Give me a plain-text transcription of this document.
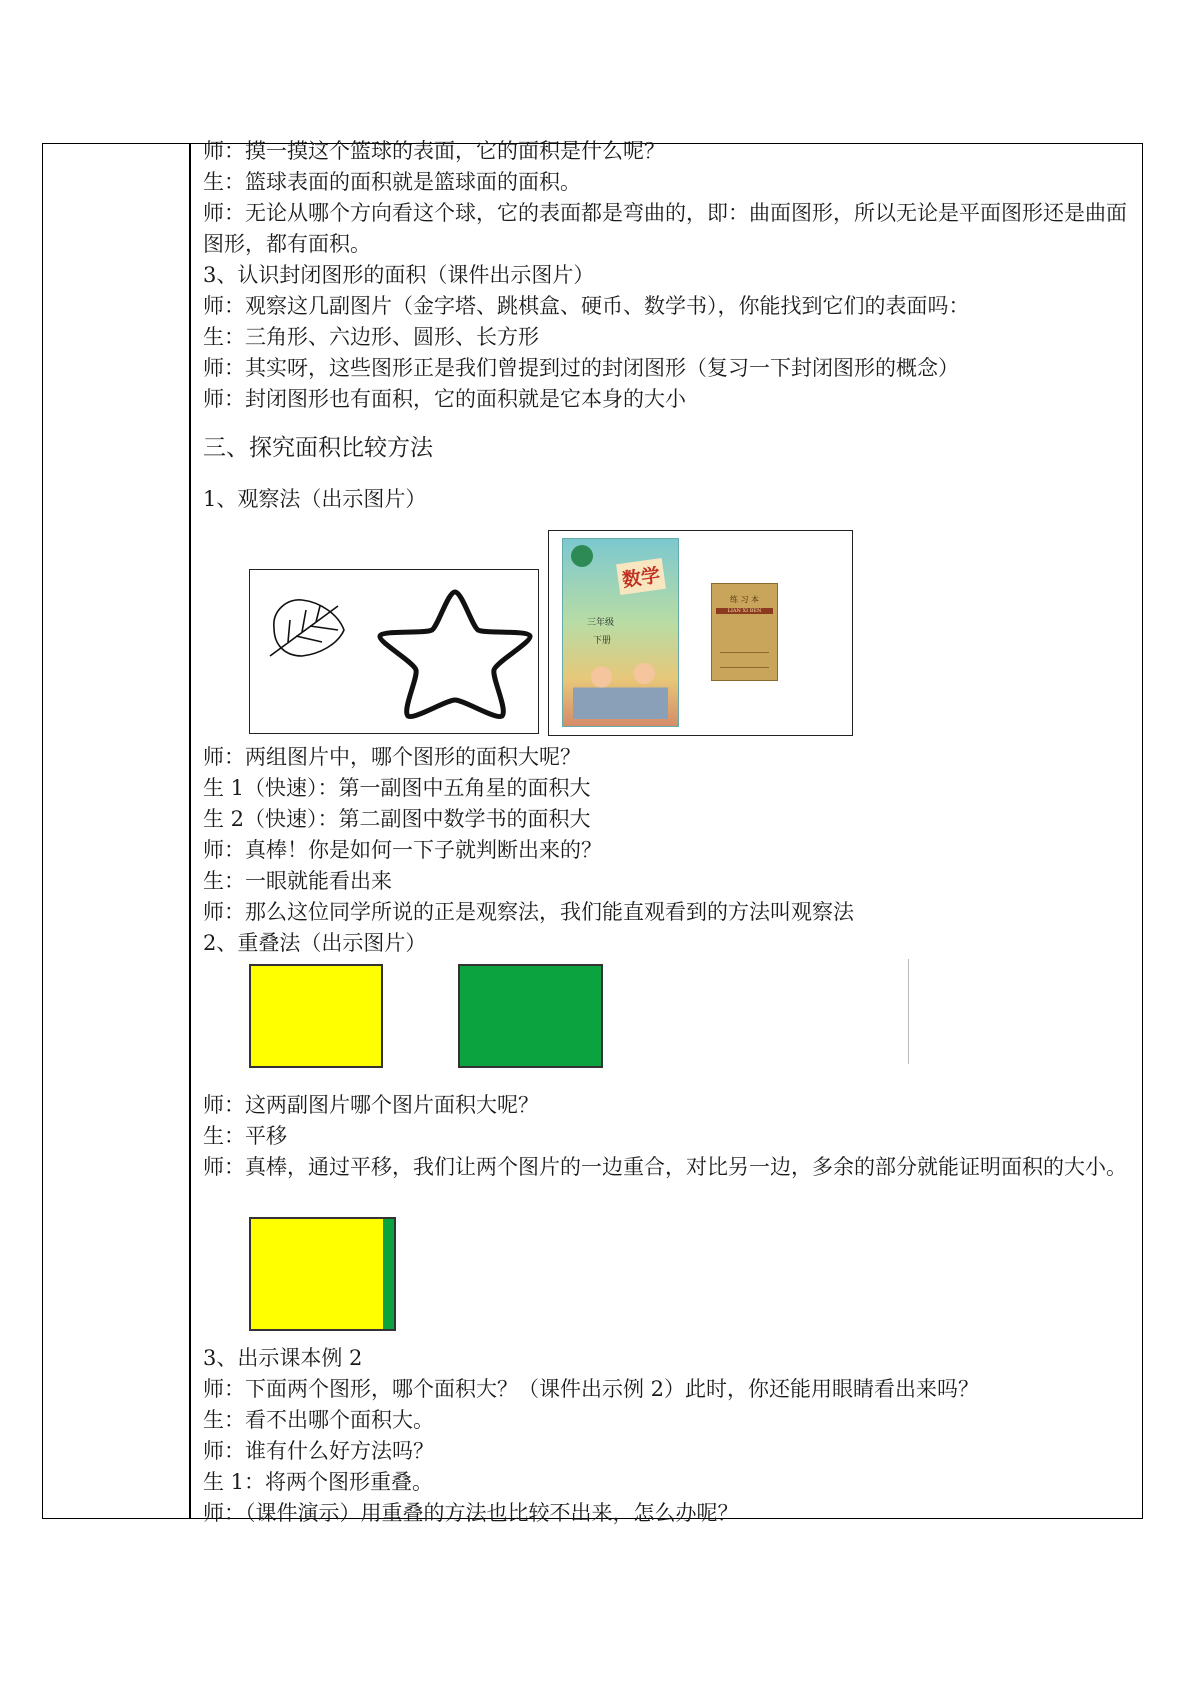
师：摸一摸这个篮球的表面，它的面积是什么呢？
生：篮球表面的面积就是篮球面的面积。
师：无论从哪个方向看这个球，它的表面都是弯曲的，即：曲面图形，所以无论是平面图形还是曲面图形，都有面积。
3、认识封闭图形的面积（课件出示图片）
师：观察这几副图片（金字塔、跳棋盒、硬币、数学书），你能找到它们的表面吗：
生：三角形、六边形、圆形、长方形
师：其实呀，这些图形正是我们曾提到过的封闭图形（复习一下封闭图形的概念）
师：封闭图形也有面积，它的面积就是它本身的大小
三、探究面积比较方法
1、观察法（出示图片）
数学
三年级
下册
练 习 本
LIAN XI BEN
师：两组图片中，哪个图形的面积大呢？
生 1（快速）：第一副图中五角星的面积大
生 2（快速）：第二副图中数学书的面积大
师：真棒！你是如何一下子就判断出来的？
生：一眼就能看出来
师：那么这位同学所说的正是观察法，我们能直观看到的方法叫观察法
2、重叠法（出示图片）
师：这两副图片哪个图片面积大呢？
生：平移
师：真棒，通过平移，我们让两个图片的一边重合，对比另一边，多余的部分就能证明面积的大小。
3、出示课本例 2
师：下面两个图形，哪个面积大？（课件出示例 2）此时，你还能用眼睛看出来吗？
生：看不出哪个面积大。
师：谁有什么好方法吗？
生 1：将两个图形重叠。
师：（课件演示）用重叠的方法也比较不出来，怎么办呢？
